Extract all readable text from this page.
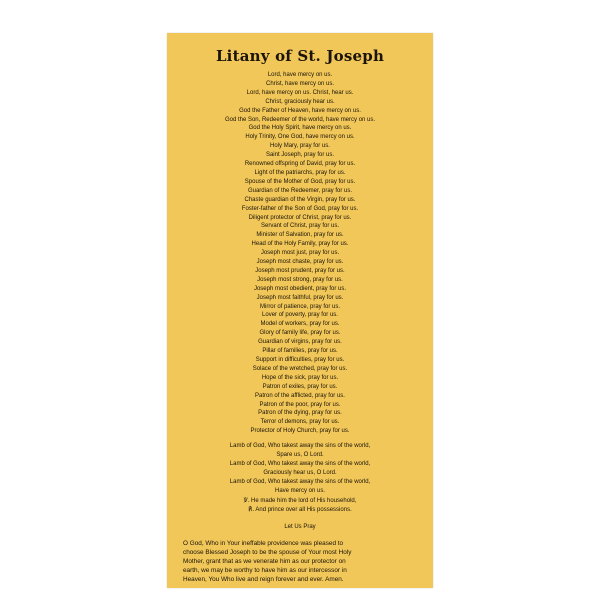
Litany of St. Joseph
Lord, have mercy on us.
Christ, have mercy on us.
Lord, have mercy on us. Christ, hear us.
Christ, graciously hear us.
God the Father of Heaven, have mercy on us.
God the Son, Redeemer of the world, have mercy on us.
God the Holy Spirit, have mercy on us.
Holy Trinity, One God, have mercy on us.
Holy Mary, pray for us.
Saint Joseph, pray for us.
Renowned offspring of David, pray for us.
Light of the patriarchs, pray for us.
Spouse of the Mother of God, pray for us.
Guardian of the Redeemer, pray for us.
Chaste guardian of the Virgin, pray for us.
Foster-father of the Son of God, pray for us.
Diligent protector of Christ, pray for us.
Servant of Christ, pray for us.
Minister of Salvation, pray for us.
Head of the Holy Family, pray for us.
Joseph most just, pray for us.
Joseph most chaste, pray for us.
Joseph most prudent, pray for us.
Joseph most strong, pray for us.
Joseph most obedient, pray for us.
Joseph most faithful, pray for us.
Mirror of patience, pray for us.
Lover of poverty, pray for us.
Model of workers, pray for us.
Glory of family life, pray for us.
Guardian of virgins, pray for us.
Pillar of families, pray for us.
Support in difficulties, pray for us.
Solace of the wretched, pray for us.
Hope of the sick, pray for us.
Patron of exiles, pray for us.
Patron of the afflicted, pray for us.
Patron of the poor, pray for us.
Patron of the dying, pray for us.
Terror of demons, pray for us.
Protector of Holy Church, pray for us.
Lamb of God, Who takest away the sins of the world,
Spare us, O Lord.
Lamb of God, Who takest away the sins of the world,
Graciously hear us, O Lord.
Lamb of God, Who takest away the sins of the world,
Have mercy on us.
℣. He made him the lord of His household,
℟. And prince over all His possessions.

Let Us Pray

O God, Who in Your ineffable providence was pleased to
choose Blessed Joseph to be the spouse of Your most Holy
Mother, grant that as we venerate him as our protector on
earth, we may be worthy to have him as our intercessor in
Heaven, You Who live and reign forever and ever. Amen.
